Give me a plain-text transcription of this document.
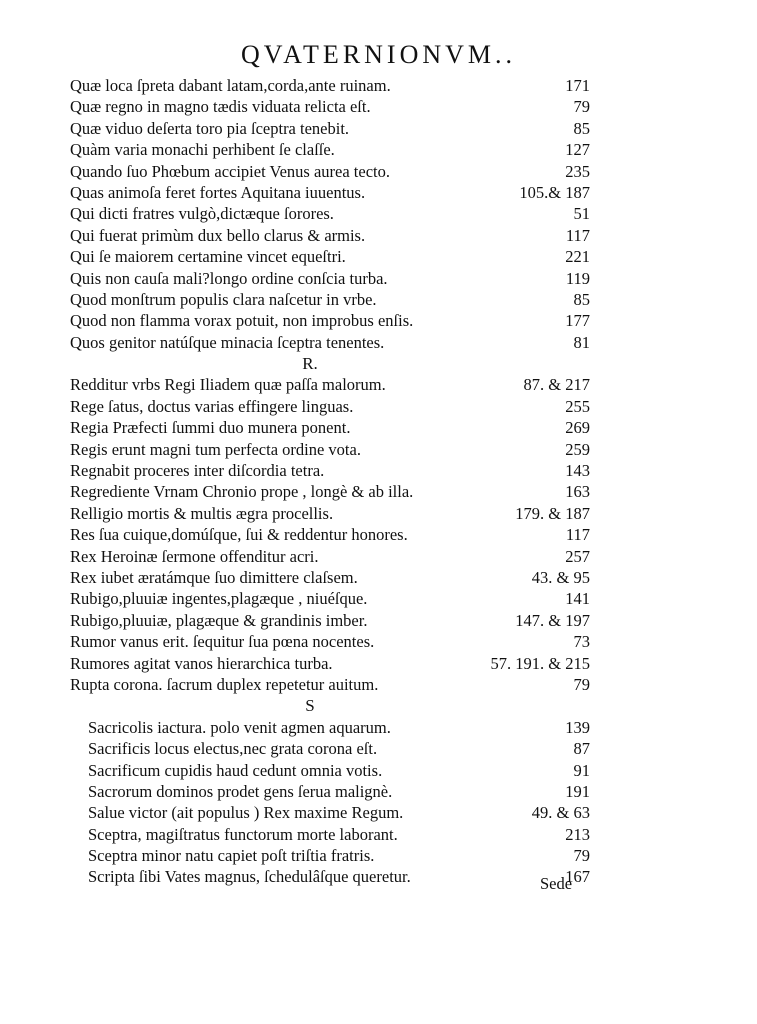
QVATERNIONVM..
Quæ loca ſpreta dabant latam,corda,ante ruinam.	171
Quæ regno in magno tædis viduata relicta eſt.	79
Quæ viduo deſerta toro pia ſceptra tenebit.	85
Quàm varia monachi perhibent ſe claſſe.	127
Quando ſuo Phœbum accipiet Venus aurea tecto.	235
Quas animoſa feret fortes Aquitana iuuentus.	105.& 187
Qui dicti fratres vulgò,dictæque ſorores.	51
Qui fuerat primùm dux bello clarus & armis.	117
Qui ſe maiorem certamine vincet equeſtri.	221
Quis non cauſa mali?longo ordine conſcia turba.	119
Quod monſtrum populis clara naſcetur in vrbe.	85
Quod non flamma vorax potuit, non improbus enſis.	177
Quos genitor natúſque minacia ſceptra tenentes.	81
R.
Redditur vrbs Regi Iliadem quæ paſſa malorum.	87. & 217
Rege ſatus, doctus varias effingere linguas.	255
Regia Præfecti ſummi duo munera ponent.	269
Regis erunt magni tum perfecta ordine vota.	259
Regnabit proceres inter diſcordia tetra.	143
Regrediente Vrnam Chronio prope , longè & ab illa.	163
Relligio mortis & multis ægra procellis.	179. & 187
Res ſua cuique,domúſque, ſui & reddentur honores.	117
Rex Heroinæ ſermone offenditur acri.	257
Rex iubet æratámque ſuo dimittere claſsem.	43. & 95
Rubigo,pluuiæ ingentes,plagæque , niuéſque.	141
Rubigo,pluuiæ, plagæque & grandinis imber.	147. & 197
Rumor vanus erit. ſequitur ſua pœna nocentes.	73
Rumores agitat vanos hierarchica turba.	57. 191. & 215
Rupta corona. ſacrum duplex repetetur auitum.	79
S
Sacricolis iactura. polo venit agmen aquarum.	139
Sacrificis locus electus,nec grata corona eſt.	87
Sacrificum cupidis haud cedunt omnia votis.	91
Sacrorum dominos prodet gens ſerua malignè.	191
Salue victor (ait populus ) Rex maxime Regum.	49. & 63
Sceptra, magiſtratus functorum morte laborant.	213
Sceptra minor natu capiet poſt triſtia fratris.	79
Scripta ſibi Vates magnus, ſchedulâſque queretur.	167
Sede
